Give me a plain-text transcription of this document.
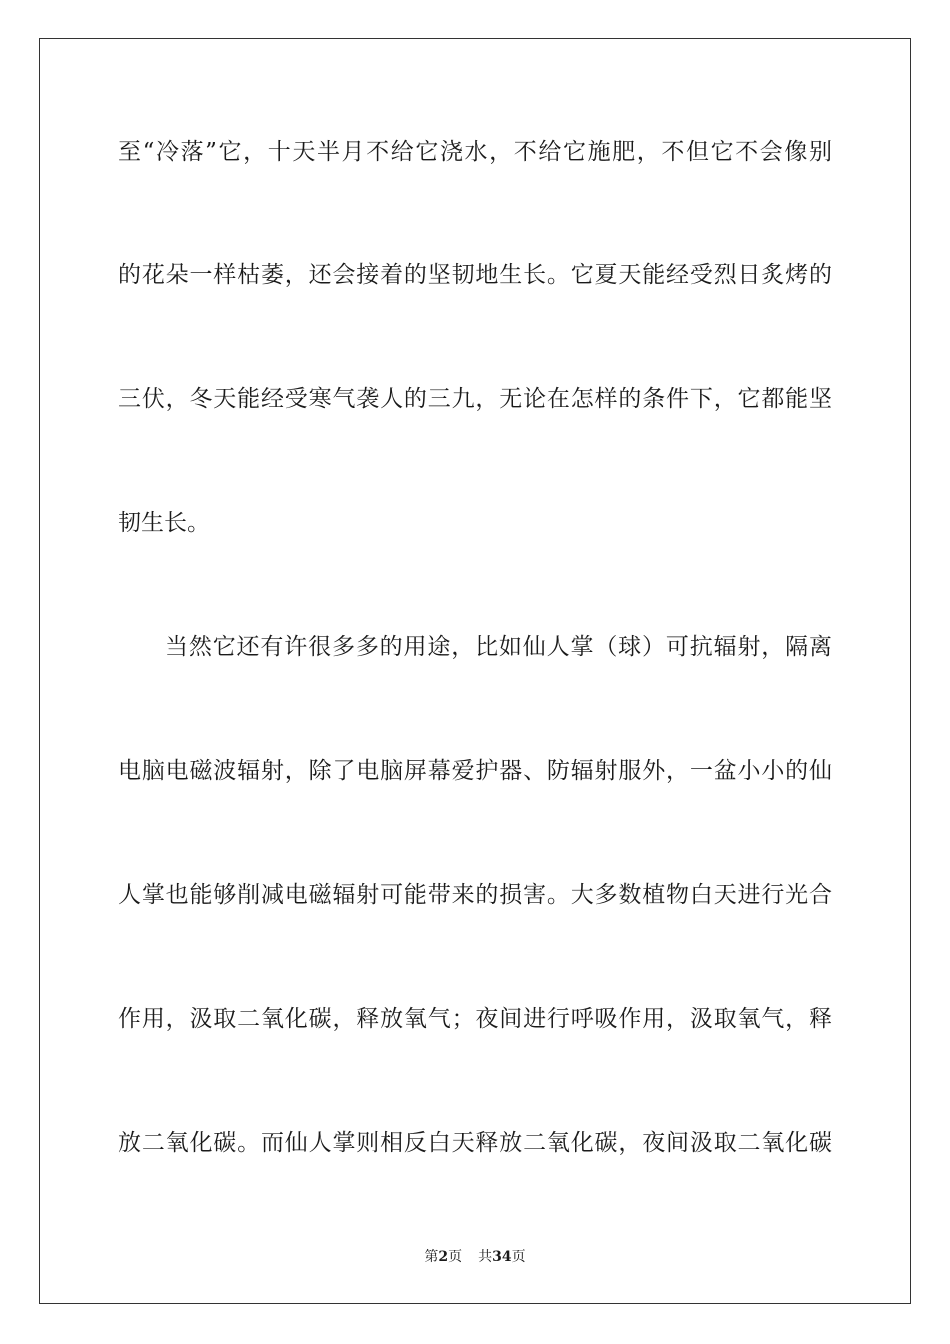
至“冷落”它，十天半月不给它浇水，不给它施肥，不但它不会像别
的花朵一样枯萎，还会接着的坚韧地生长。它夏天能经受烈日炙烤的
三伏，冬天能经受寒气袭人的三九，无论在怎样的条件下，它都能坚
韧生长。
当然它还有许很多多的用途，比如仙人掌（球）可抗辐射，隔离
电脑电磁波辐射，除了电脑屏幕爱护器、防辐射服外，一盆小小的仙
人掌也能够削减电磁辐射可能带来的损害。大多数植物白天进行光合
作用，汲取二氧化碳，释放氧气；夜间进行呼吸作用，汲取氧气，释
放二氧化碳。而仙人掌则相反白天释放二氧化碳，夜间汲取二氧化碳
第2页 共34页
